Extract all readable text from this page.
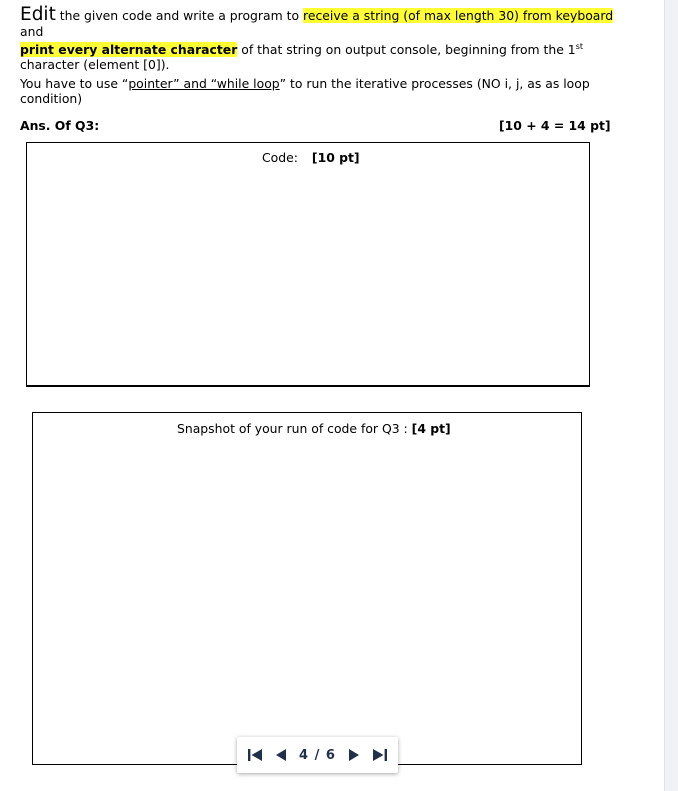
Edit the given code and write a program to receive a string (of max length 30) from keyboard and
print every alternate character of that string on output console, beginning from the 1st character (element [0]).

You have to use “pointer” and “while loop” to run the iterative processes (NO i, j, as as loop condition)

Ans. Of Q3:	[10 + 4 = 14 pt]
Code: [10 pt]
Snapshot of your run of code for Q3 : [4 pt]
4 / 6
